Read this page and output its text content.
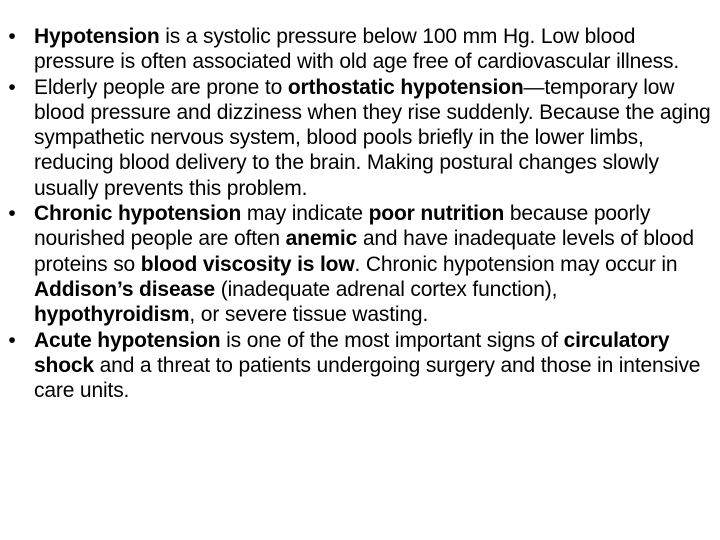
• Hypotension is a systolic pressure below 100 mm Hg. Low blood pressure is often associated with old age free of cardiovascular illness.
• Elderly people are prone to orthostatic hypotension—temporary low blood pressure and dizziness when they rise suddenly. Because the aging sympathetic nervous system, blood pools briefly in the lower limbs, reducing blood delivery to the brain. Making postural changes slowly usually prevents this problem.
• Chronic hypotension may indicate poor nutrition because poorly nourished people are often anemic and have inadequate levels of blood proteins so blood viscosity is low. Chronic hypotension may occur in Addison’s disease (inadequate adrenal cortex function), hypothyroidism, or severe tissue wasting.
• Acute hypotension is one of the most important signs of circulatory shock and a threat to patients undergoing surgery and those in intensive care units.
